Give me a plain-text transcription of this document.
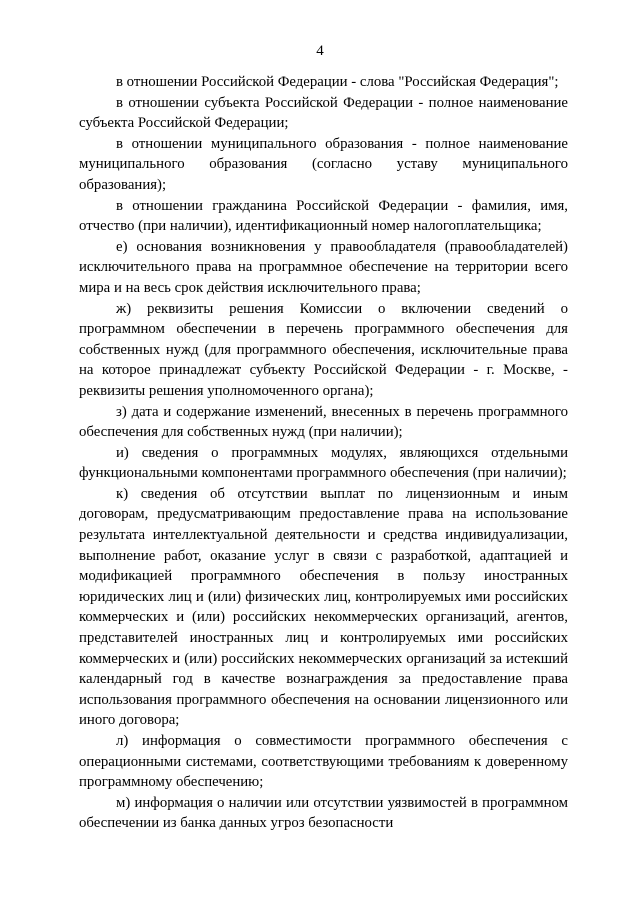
4

в отношении Российской Федерации - слова "Российская Федерация";

в отношении субъекта Российской Федерации - полное наименование субъекта Российской Федерации;

в отношении муниципального образования - полное наименование муниципального образования (согласно уставу муниципального образования);

в отношении гражданина Российской Федерации - фамилия, имя, отчество (при наличии), идентификационный номер налогоплательщика;

е) основания возникновения у правообладателя (правообладателей) исключительного права на программное обеспечение на территории всего мира и на весь срок действия исключительного права;

ж) реквизиты решения Комиссии о включении сведений о программном обеспечении в перечень программного обеспечения для собственных нужд (для программного обеспечения, исключительные права на которое принадлежат субъекту Российской Федерации - г. Москве, - реквизиты решения уполномоченного органа);

з) дата и содержание изменений, внесенных в перечень программного обеспечения для собственных нужд (при наличии);

и) сведения о программных модулях, являющихся отдельными функциональными компонентами программного обеспечения (при наличии);

к) сведения об отсутствии выплат по лицензионным и иным договорам, предусматривающим предоставление права на использование результата интеллектуальной деятельности и средства индивидуализации, выполнение работ, оказание услуг в связи с разработкой, адаптацией и модификацией программного обеспечения в пользу иностранных юридических лиц и (или) физических лиц, контролируемых ими российских коммерческих и (или) российских некоммерческих организаций, агентов, представителей иностранных лиц и контролируемых ими российских коммерческих и (или) российских некоммерческих организаций за истекший календарный год в качестве вознаграждения за предоставление права использования программного обеспечения на основании лицензионного или иного договора;

л) информация о совместимости программного обеспечения с операционными системами, соответствующими требованиям к доверенному программному обеспечению;

м) информация о наличии или отсутствии уязвимостей в программном обеспечении из банка данных угроз безопасности
